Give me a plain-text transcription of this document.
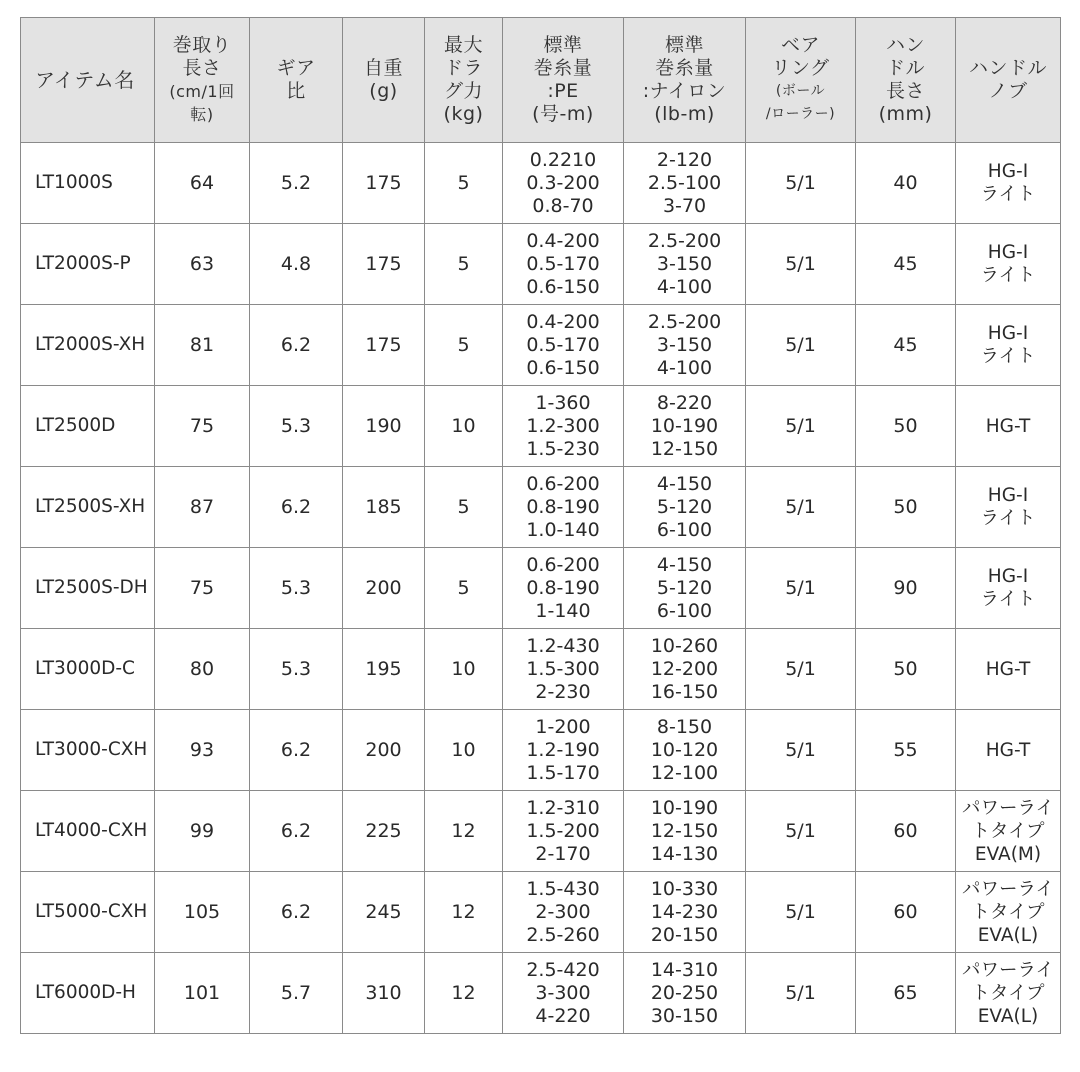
アイテム名	巻取り
長さ
(cm/1回
転)	ギア
比	自重
(g)	最大
ドラ
グ力
(kg)	標準
巻糸量
:PE
(号-m)	標準
巻糸量
:ナイロン
(lb-m)	ベア
リング
(ボール
/ローラー)	ハン
ドル
長さ
(mm)	ハンドル
ノブ

LT1000S	64	5.2	175	5	0.2210
0.3-200
0.8-70	2-120
2.5-100
3-70	5/1	40	HG-I
ライト

LT2000S-P	63	4.8	175	5	0.4-200
0.5-170
0.6-150	2.5-200
3-150
4-100	5/1	45	HG-I
ライト

LT2000S-XH	81	6.2	175	5	0.4-200
0.5-170
0.6-150	2.5-200
3-150
4-100	5/1	45	HG-I
ライト

LT2500D	75	5.3	190	10	1-360
1.2-300
1.5-230	8-220
10-190
12-150	5/1	50	HG-T

LT2500S-XH	87	6.2	185	5	0.6-200
0.8-190
1.0-140	4-150
5-120
6-100	5/1	50	HG-I
ライト

LT2500S-DH	75	5.3	200	5	0.6-200
0.8-190
1-140	4-150
5-120
6-100	5/1	90	HG-I
ライト

LT3000D-C	80	5.3	195	10	1.2-430
1.5-300
2-230	10-260
12-200
16-150	5/1	50	HG-T

LT3000-CXH	93	6.2	200	10	1-200
1.2-190
1.5-170	8-150
10-120
12-100	5/1	55	HG-T

LT4000-CXH	99	6.2	225	12	1.2-310
1.5-200
2-170	10-190
12-150
14-130	5/1	60	パワーライ
トタイプ
EVA(M)

LT5000-CXH	105	6.2	245	12	1.5-430
2-300
2.5-260	10-330
14-230
20-150	5/1	60	パワーライ
トタイプ
EVA(L)

LT6000D-H	101	5.7	310	12	2.5-420
3-300
4-220	14-310
20-250
30-150	5/1	65	パワーライ
トタイプ
EVA(L)
